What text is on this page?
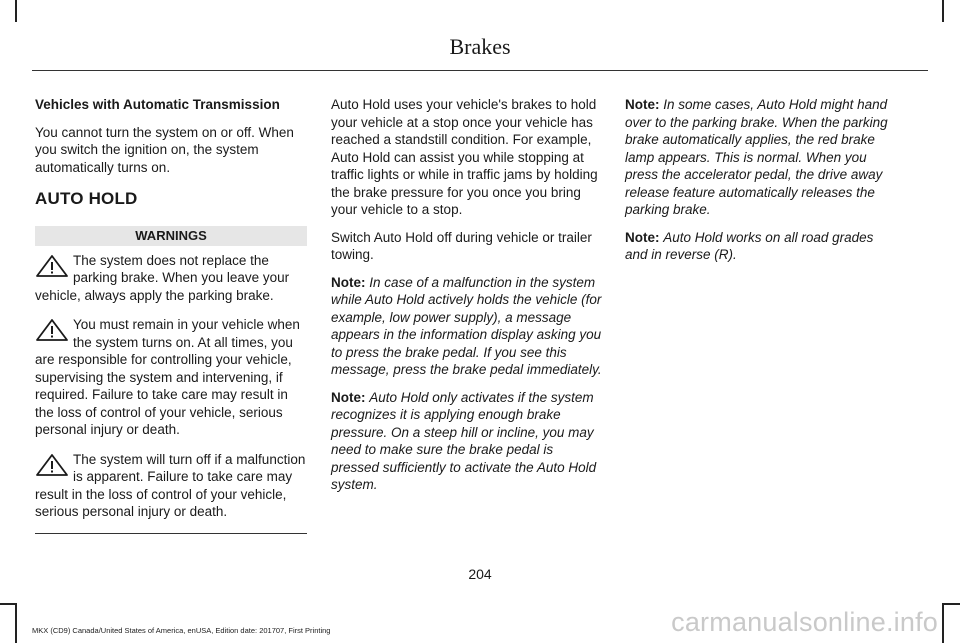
Brakes

Vehicles with Automatic Transmission

You cannot turn the system on or off. When you switch the ignition on, the system automatically turns on.

AUTO HOLD
WARNINGS
The system does not replace the parking brake. When you leave your vehicle, always apply the parking brake.
You must remain in your vehicle when the system turns on. At all times, you are responsible for controlling your vehicle, supervising the system and intervening, if required. Failure to take care may result in the loss of control of your vehicle, serious personal injury or death.
The system will turn off if a malfunction is apparent. Failure to take care may result in the loss of control of your vehicle, serious personal injury or death.

Auto Hold uses your vehicle's brakes to hold your vehicle at a stop once your vehicle has reached a standstill condition. For example, Auto Hold can assist you while stopping at traffic lights or while in traffic jams by holding the brake pressure for you once you bring your vehicle to a stop.

Switch Auto Hold off during vehicle or trailer towing.

Note: In case of a malfunction in the system while Auto Hold actively holds the vehicle (for example, low power supply), a message appears in the information display asking you to press the brake pedal. If you see this message, press the brake pedal immediately.

Note: Auto Hold only activates if the system recognizes it is applying enough brake pressure. On a steep hill or incline, you may need to make sure the brake pedal is pressed sufficiently to activate the Auto Hold system.

Note: In some cases, Auto Hold might hand over to the parking brake. When the parking brake automatically applies, the red brake lamp appears. This is normal. When you press the accelerator pedal, the drive away release feature automatically releases the parking brake.

Note: Auto Hold works on all road grades and in reverse (R).

204
MKX (CD9) Canada/United States of America, enUSA, Edition date: 201707, First Printing	carmanualsonline.info
